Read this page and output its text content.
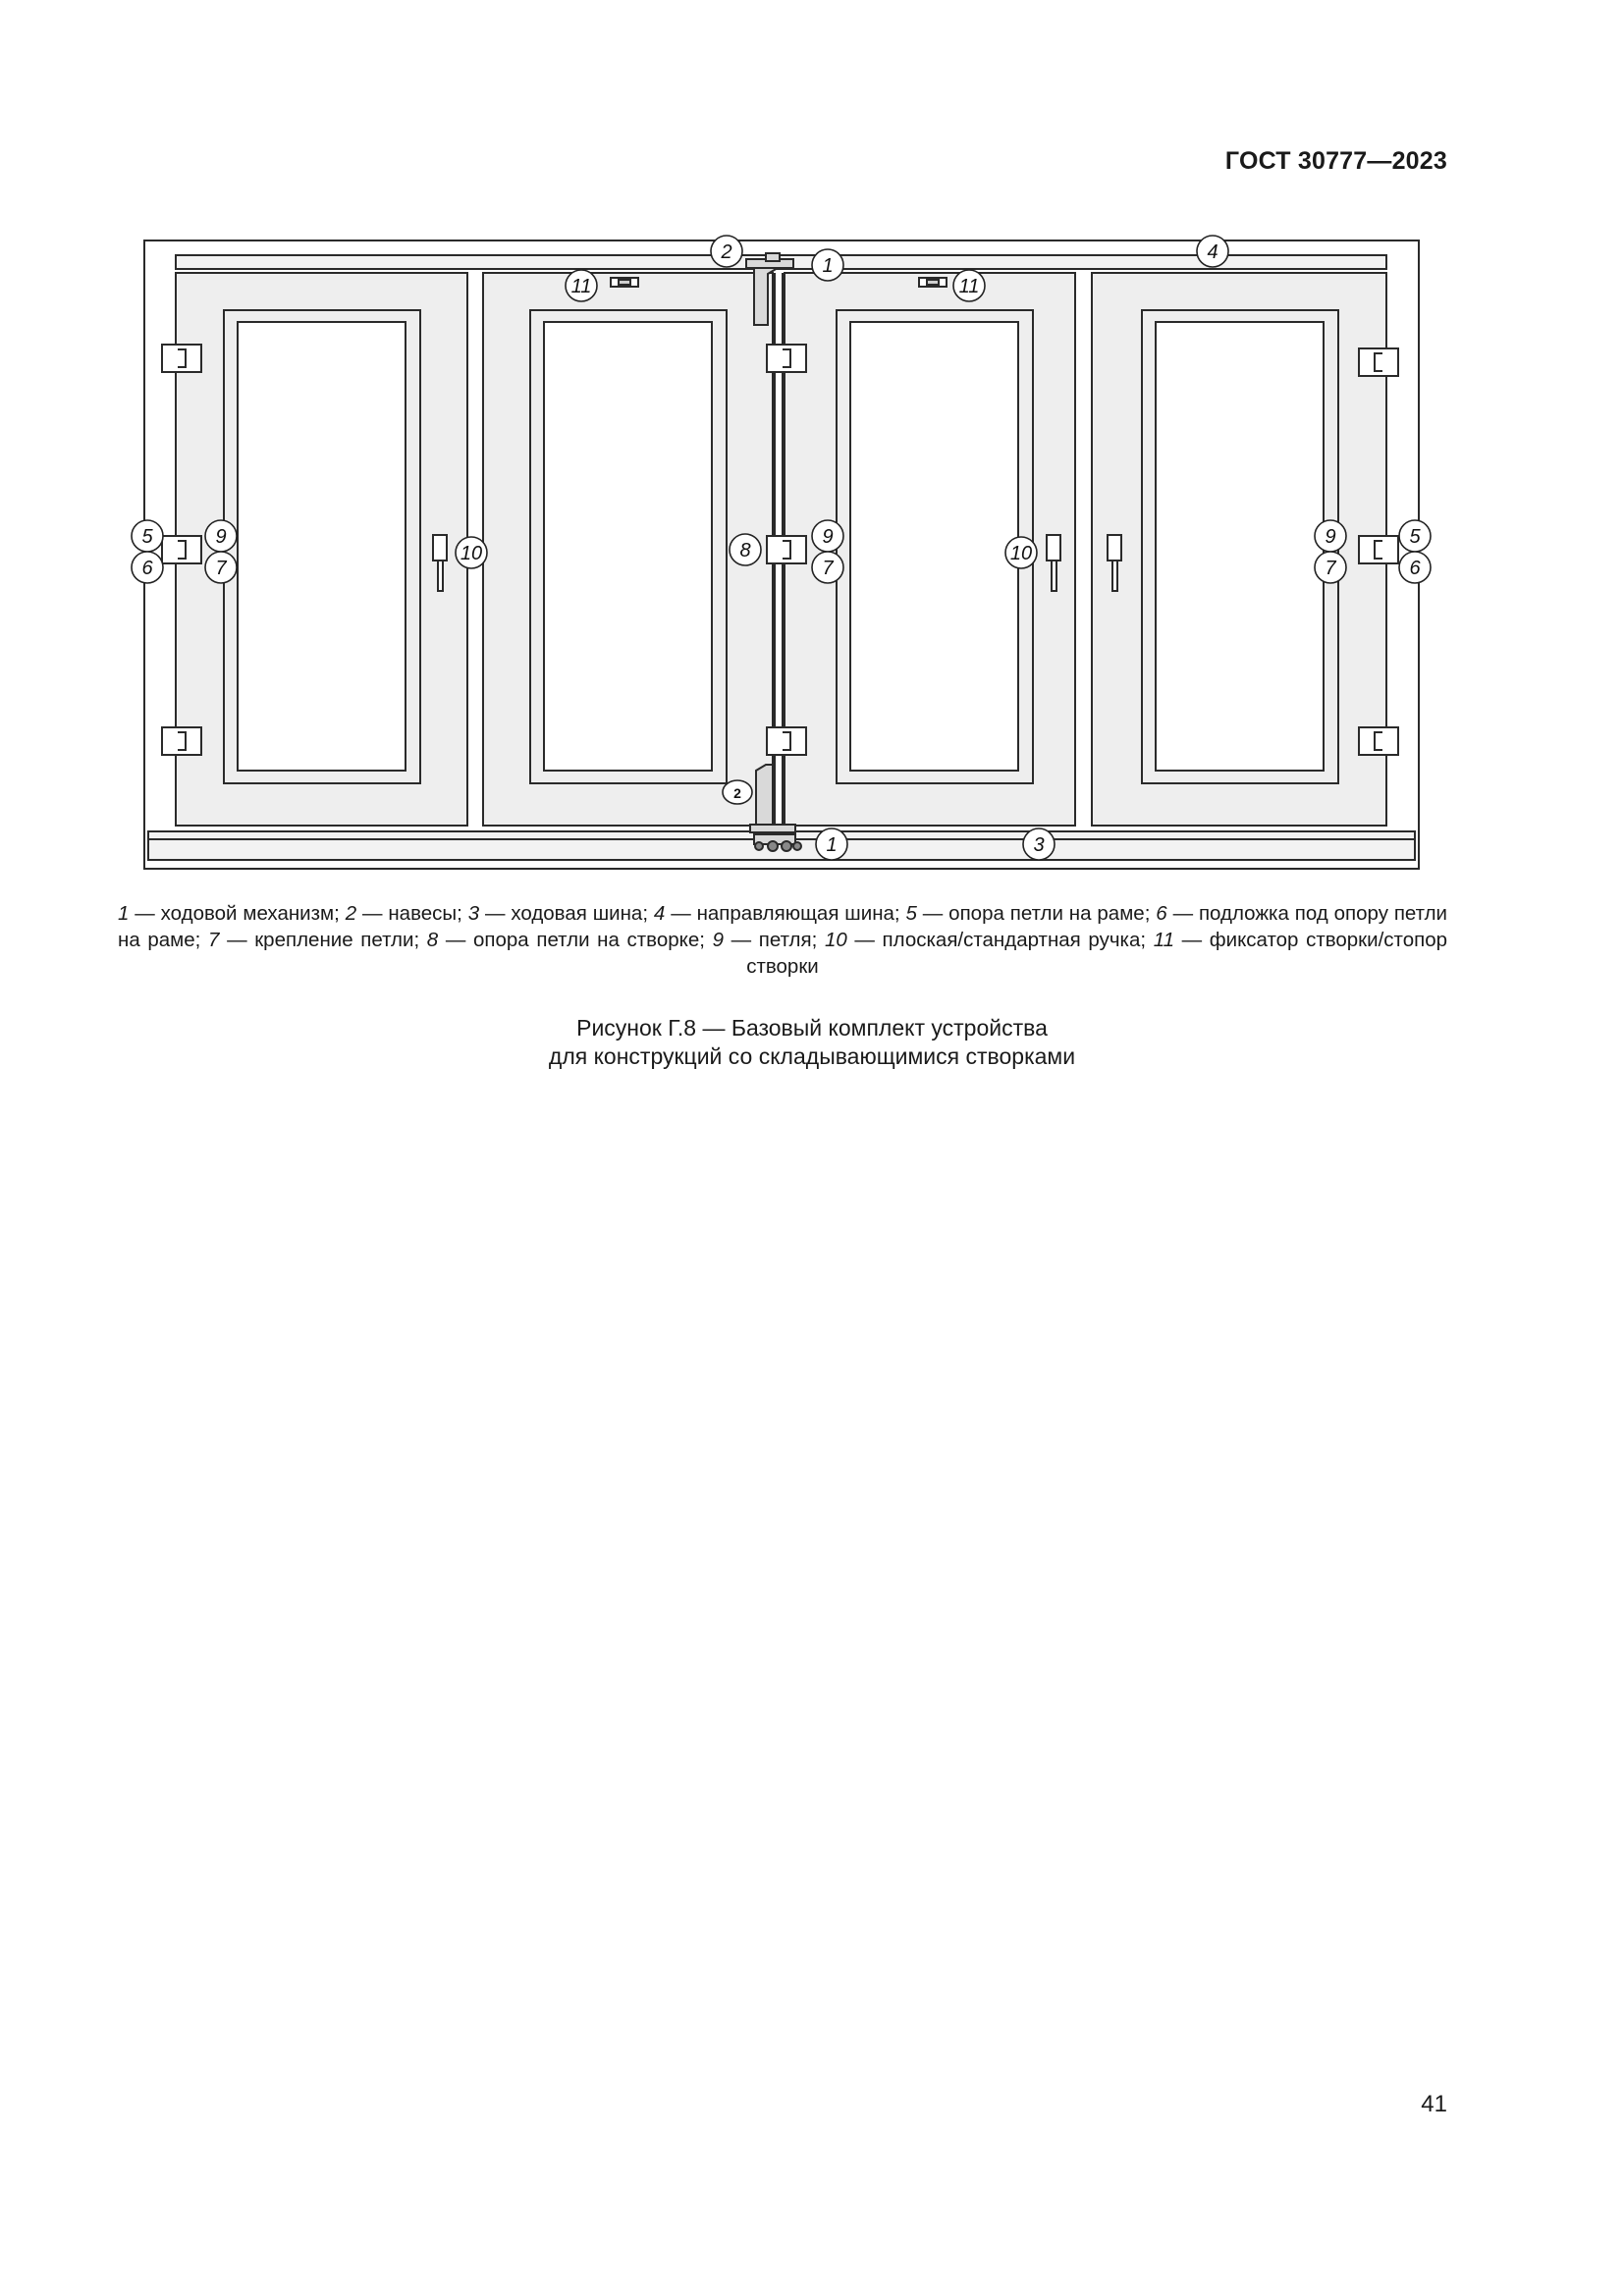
ГОСТ 30777—2023
2
1
4
11	11
5	9
6	7
10	8
9
7
10
9
7
5
6
2
1	3
1 — ходовой механизм; 2 — навесы; 3 — ходовая шина; 4 — направляющая шина; 5 — опора петли на раме; 6 — подложка под опору петли на раме; 7 — крепление петли; 8 — опора петли на створке; 9 — петля; 10 — плоская/стандартная ручка; 11 — фиксатор створки/стопор створки
Рисунок Г.8 — Базовый комплект устройства
для конструкций со складывающимися створками
41
